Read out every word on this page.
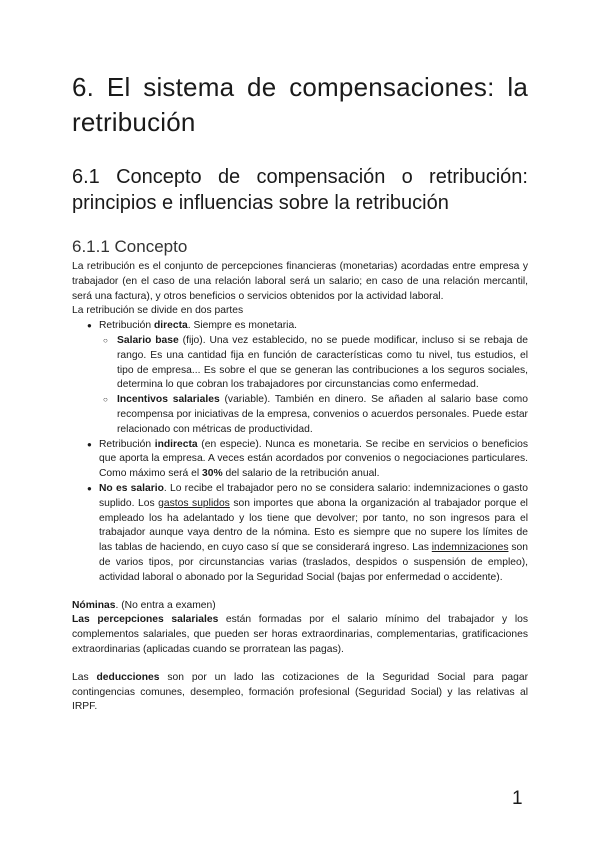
6. El sistema de compensaciones: la
retribución
6.1 Concepto de compensación o retribución:
principios e influencias sobre la retribución
6.1.1 Concepto

La retribución es el conjunto de percepciones financieras (monetarias) acordadas entre empresa y trabajador (en el caso de una relación laboral será un salario; en caso de una relación mercantil, será una factura), y otros beneficios o servicios obtenidos por la actividad laboral.

La retribución se divide en dos partes

● Retribución directa. Siempre es monetaria.
○ Salario base (fijo). Una vez establecido, no se puede modificar, incluso si se rebaja de rango. Es una cantidad fija en función de características como tu nivel, tus estudios, el tipo de empresa... Es sobre el que se generan las contribuciones a los seguros sociales, determina lo que cobran los trabajadores por circunstancias como enfermedad.
○ Incentivos salariales (variable). También en dinero. Se añaden al salario base como recompensa por iniciativas de la empresa, convenios o acuerdos personales. Puede estar relacionado con métricas de productividad.
● Retribución indirecta (en especie). Nunca es monetaria. Se recibe en servicios o beneficios que aporta la empresa. A veces están acordados por convenios o negociaciones particulares. Como máximo será el 30% del salario de la retribución anual.
● No es salario. Lo recibe el trabajador pero no se considera salario: indemnizaciones o gasto suplido. Los gastos suplidos son importes que abona la organización al trabajador porque el empleado los ha adelantado y los tiene que devolver; por tanto, no son ingresos para el trabajador aunque vaya dentro de la nómina. Esto es siempre que no supere los límites de las tablas de haciendo, en cuyo caso sí que se considerará ingreso. Las indemnizaciones son de varios tipos, por circunstancias varias (traslados, despidos o suspensión de empleo), actividad laboral o abonado por la Seguridad Social (bajas por enfermedad o accidente).

Nóminas. (No entra a examen)

Las percepciones salariales están formadas por el salario mínimo del trabajador y los complementos salariales, que pueden ser horas extraordinarias, complementarias, gratificaciones extraordinarias (aplicadas cuando se prorratean las pagas).

Las deducciones son por un lado las cotizaciones de la Seguridad Social para pagar contingencias comunes, desempleo, formación profesional (Seguridad Social) y las relativas al IRPF.

1
